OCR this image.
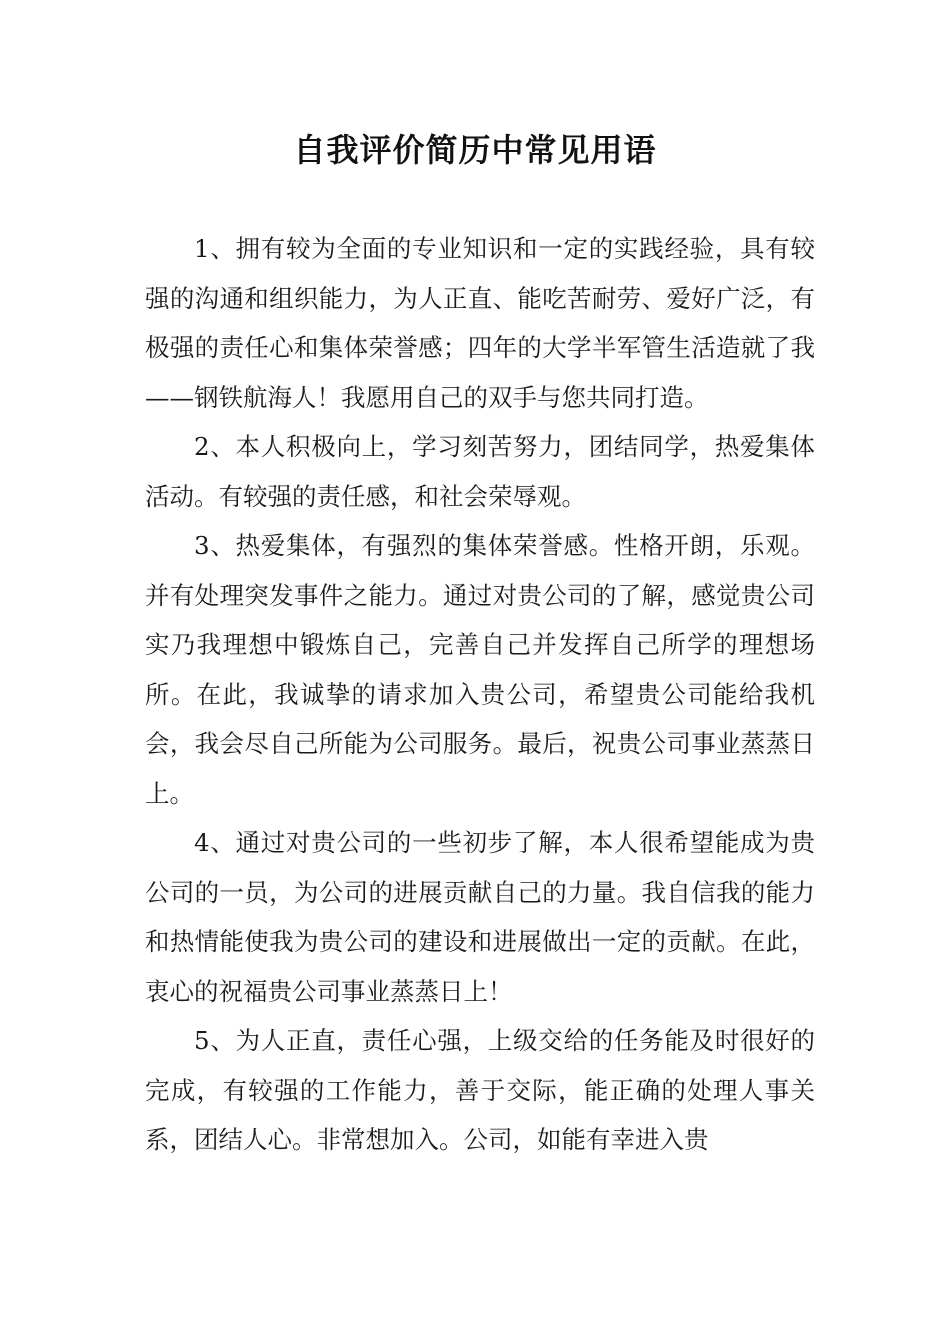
自我评价简历中常见用语

1、拥有较为全面的专业知识和一定的实践经验，具有较强的沟通和组织能力，为人正直、能吃苦耐劳、爱好广泛，有极强的责任心和集体荣誉感；四年的大学半军管生活造就了我——钢铁航海人！我愿用自己的双手与您共同打造。

2、本人积极向上，学习刻苦努力，团结同学，热爱集体活动。有较强的责任感，和社会荣辱观。

3、热爱集体，有强烈的集体荣誉感。性格开朗，乐观。并有处理突发事件之能力。通过对贵公司的了解，感觉贵公司实乃我理想中锻炼自己，完善自己并发挥自己所学的理想场所。在此，我诚挚的请求加入贵公司，希望贵公司能给我机会，我会尽自己所能为公司服务。最后，祝贵公司事业蒸蒸日上。

4、通过对贵公司的一些初步了解，本人很希望能成为贵公司的一员，为公司的进展贡献自己的力量。我自信我的能力和热情能使我为贵公司的建设和进展做出一定的贡献。在此，衷心的祝福贵公司事业蒸蒸日上！

5、为人正直，责任心强，上级交给的任务能及时很好的完成，有较强的工作能力，善于交际，能正确的处理人事关系，团结人心。非常想加入。公司，如能有幸进入贵
